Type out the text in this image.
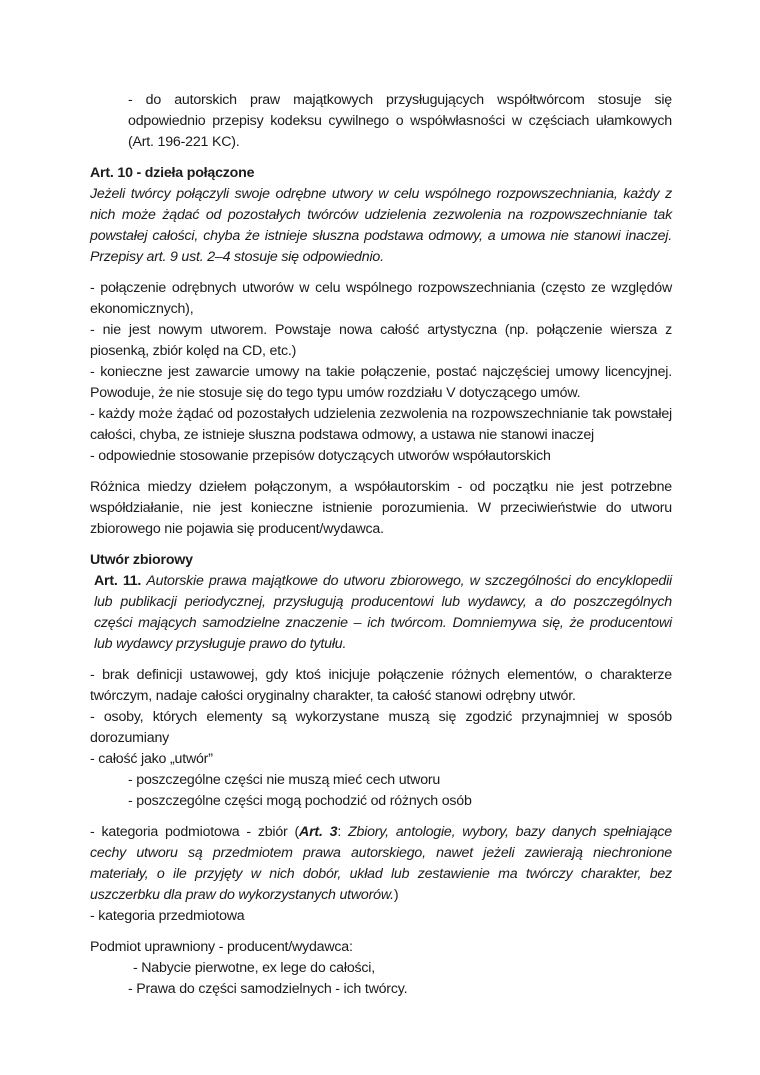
- do autorskich praw majątkowych przysługujących współtwórcom stosuje się odpowiednio przepisy kodeksu cywilnego o współwłasności w częściach ułamkowych (Art. 196-221 KC).

Art. 10 - dzieła połączone

Jeżeli twórcy połączyli swoje odrębne utwory w celu wspólnego rozpowszechniania, każdy z nich może żądać od pozostałych twórców udzielenia zezwolenia na rozpowszechnianie tak powstałej całości, chyba że istnieje słuszna podstawa odmowy, a umowa nie stanowi inaczej. Przepisy art. 9 ust. 2–4 stosuje się odpowiednio.

- połączenie odrębnych utworów w celu wspólnego rozpowszechniania (często ze względów ekonomicznych),

- nie jest nowym utworem. Powstaje nowa całość artystyczna (np. połączenie wiersza z piosenką, zbiór kolęd na CD, etc.)

- konieczne jest zawarcie umowy na takie połączenie, postać najczęściej umowy licencyjnej. Powoduje, że nie stosuje się do tego typu umów rozdziału V dotyczącego umów.

- każdy może żądać od pozostałych udzielenia zezwolenia na rozpowszechnianie tak powstałej całości, chyba, ze istnieje słuszna podstawa odmowy, a ustawa nie stanowi inaczej

- odpowiednie stosowanie przepisów dotyczących utworów współautorskich

Różnica miedzy dziełem połączonym, a współautorskim - od początku nie jest potrzebne współdziałanie, nie jest konieczne istnienie porozumienia. W przeciwieństwie do utworu zbiorowego nie pojawia się producent/wydawca.

Utwór zbiorowy

Art. 11. Autorskie prawa majątkowe do utworu zbiorowego, w szczególności do encyklopedii lub publikacji periodycznej, przysługują producentowi lub wydawcy, a do poszczególnych części mających samodzielne znaczenie – ich twórcom. Domniemywa się, że producentowi lub wydawcy przysługuje prawo do tytułu.

- brak definicji ustawowej, gdy ktoś inicjuje połączenie różnych elementów, o charakterze twórczym, nadaje całości oryginalny charakter, ta całość stanowi odrębny utwór.

- osoby, których elementy są wykorzystane muszą się zgodzić przynajmniej w sposób dorozumiany

- całość jako „utwór”

- poszczególne części nie muszą mieć cech utworu

- poszczególne części mogą pochodzić od różnych osób

- kategoria podmiotowa - zbiór (Art. 3: Zbiory, antologie, wybory, bazy danych spełniające cechy utworu są przedmiotem prawa autorskiego, nawet jeżeli zawierają niechronione materiały, o ile przyjęty w nich dobór, układ lub zestawienie ma twórczy charakter, bez uszczerbku dla praw do wykorzystanych utworów.)

- kategoria przedmiotowa

Podmiot uprawniony - producent/wydawca:

- Nabycie pierwotne, ex lege do całości,

- Prawa do części samodzielnych - ich twórcy.
